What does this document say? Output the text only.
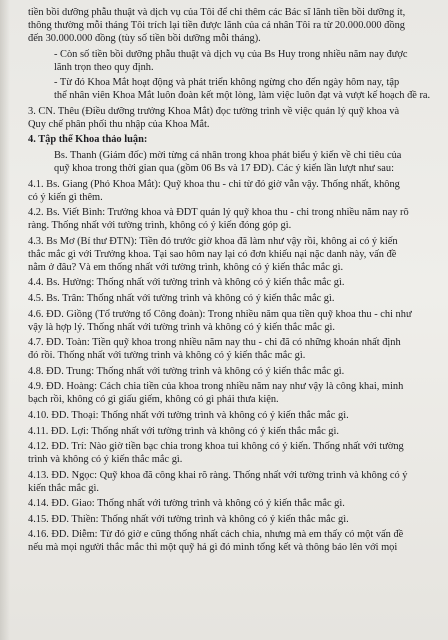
tiền bồi dưỡng phẫu thuật và dịch vụ của Tôi để chi thêm các Bác sĩ lãnh tiền bồi dưỡng ít,
thông thường mỗi tháng Tôi trích lại tiền được lãnh của cá nhân Tôi ra từ 20.000.000 đồng
đến 30.000.000 đồng (tùy số tiền bồi dưỡng mỗi tháng).
- Còn số tiền bồi dưỡng phẫu thuật và dịch vụ của Bs Huy trong nhiều năm nay được
lãnh trọn theo quy định.
- Từ đó Khoa Mắt hoạt động và phát triển không ngừng cho đến ngày hôm nay, tập
thể nhân viên Khoa Mắt luôn đoàn kết một lòng, làm việc luôn đạt và vượt kế hoạch đề ra.
3. CN. Thêu (Điều dưỡng trưởng Khoa Mắt) đọc tường trình về việc quản lý quỹ khoa và
Quy chế phân phối thu nhập của Khoa Mắt.
4. Tập thể Khoa thảo luận:
Bs. Thanh (Giám đốc) mời từng cá nhân trong khoa phát biểu ý kiến về chi tiêu của
quỹ khoa trong thời gian qua (gồm 06 Bs và 17 ĐD). Các ý kiến lần lượt như sau:
4.1. Bs. Giang (Phó Khoa Mắt): Quỹ khoa thu - chi từ đó giờ vẫn vậy. Thống nhất, không
có ý kiến gì thêm.
4.2. Bs. Viết Bình: Trưởng khoa và ĐDT quản lý quỹ khoa thu - chi trong nhiều năm nay rõ
ràng. Thống nhất với tường trình, không có ý kiến đóng góp gì.
4.3. Bs Mơ (Bí thư ĐTN): Tiền đó trước giờ khoa đã làm như vậy rồi, không ai có ý kiến
thắc mắc gì với Trưởng khoa. Tại sao hôm nay lại có đơn khiếu nại nặc danh này, vấn đề
nằm ở đâu? Và em thống nhất với tường trình, không có ý kiến thắc mắc gì.
4.4. Bs. Hường: Thống nhất với tường trình và không có ý kiến thắc mắc gì.
4.5. Bs. Trân: Thống nhất với tường trình và không có ý kiến thắc mắc gì.
4.6. ĐD. Giồng (Tổ trưởng tổ Công đoàn): Trong nhiều năm qua tiền quỹ khoa thu - chi như
vậy là hợp lý. Thống nhất với tường trình và không có ý kiến thắc mắc gì.
4.7. ĐD. Toàn: Tiền quỹ khoa trong nhiều năm nay thu - chi đã có những khoản nhất định
đó rồi. Thống nhất với tường trình và không có ý kiến thắc mắc gì.
4.8. ĐD. Trung: Thống nhất với tường trình và không có ý kiến thắc mắc gì.
4.9. ĐD. Hoàng: Cách chia tiền của khoa trong nhiều năm nay như vậy là công khai, minh
bạch rồi, không có gì giấu giếm, không có gì phải thưa kiện.
4.10. ĐD. Thoại: Thống nhất với tường trình và không có ý kiến thắc mắc gì.
4.11. ĐD. Lợi: Thống nhất với tường trình và không có ý kiến thắc mắc gì.
4.12. ĐD. Trí: Nào giờ tiền bạc chia trong khoa tui không có ý kiến. Thống nhất với tường
trình và không có ý kiến thắc mắc gì.
4.13. ĐD. Ngọc: Quỹ khoa đã công khai rõ ràng. Thống nhất với tường trình và không có ý
kiến thắc mắc gì.
4.14. ĐD. Giao: Thống nhất với tường trình và không có ý kiến thắc mắc gì.
4.15. ĐD. Thiền: Thống nhất với tường trình và không có ý kiến thắc mắc gì.
4.16. ĐD. Diễm: Từ đó giờ e cũng thống nhất cách chia, nhưng mà em thấy có một vấn đề
nếu mà mọi người thắc mắc thì một quỹ hả gì đó mình tổng kết và thông báo lên với mọi
